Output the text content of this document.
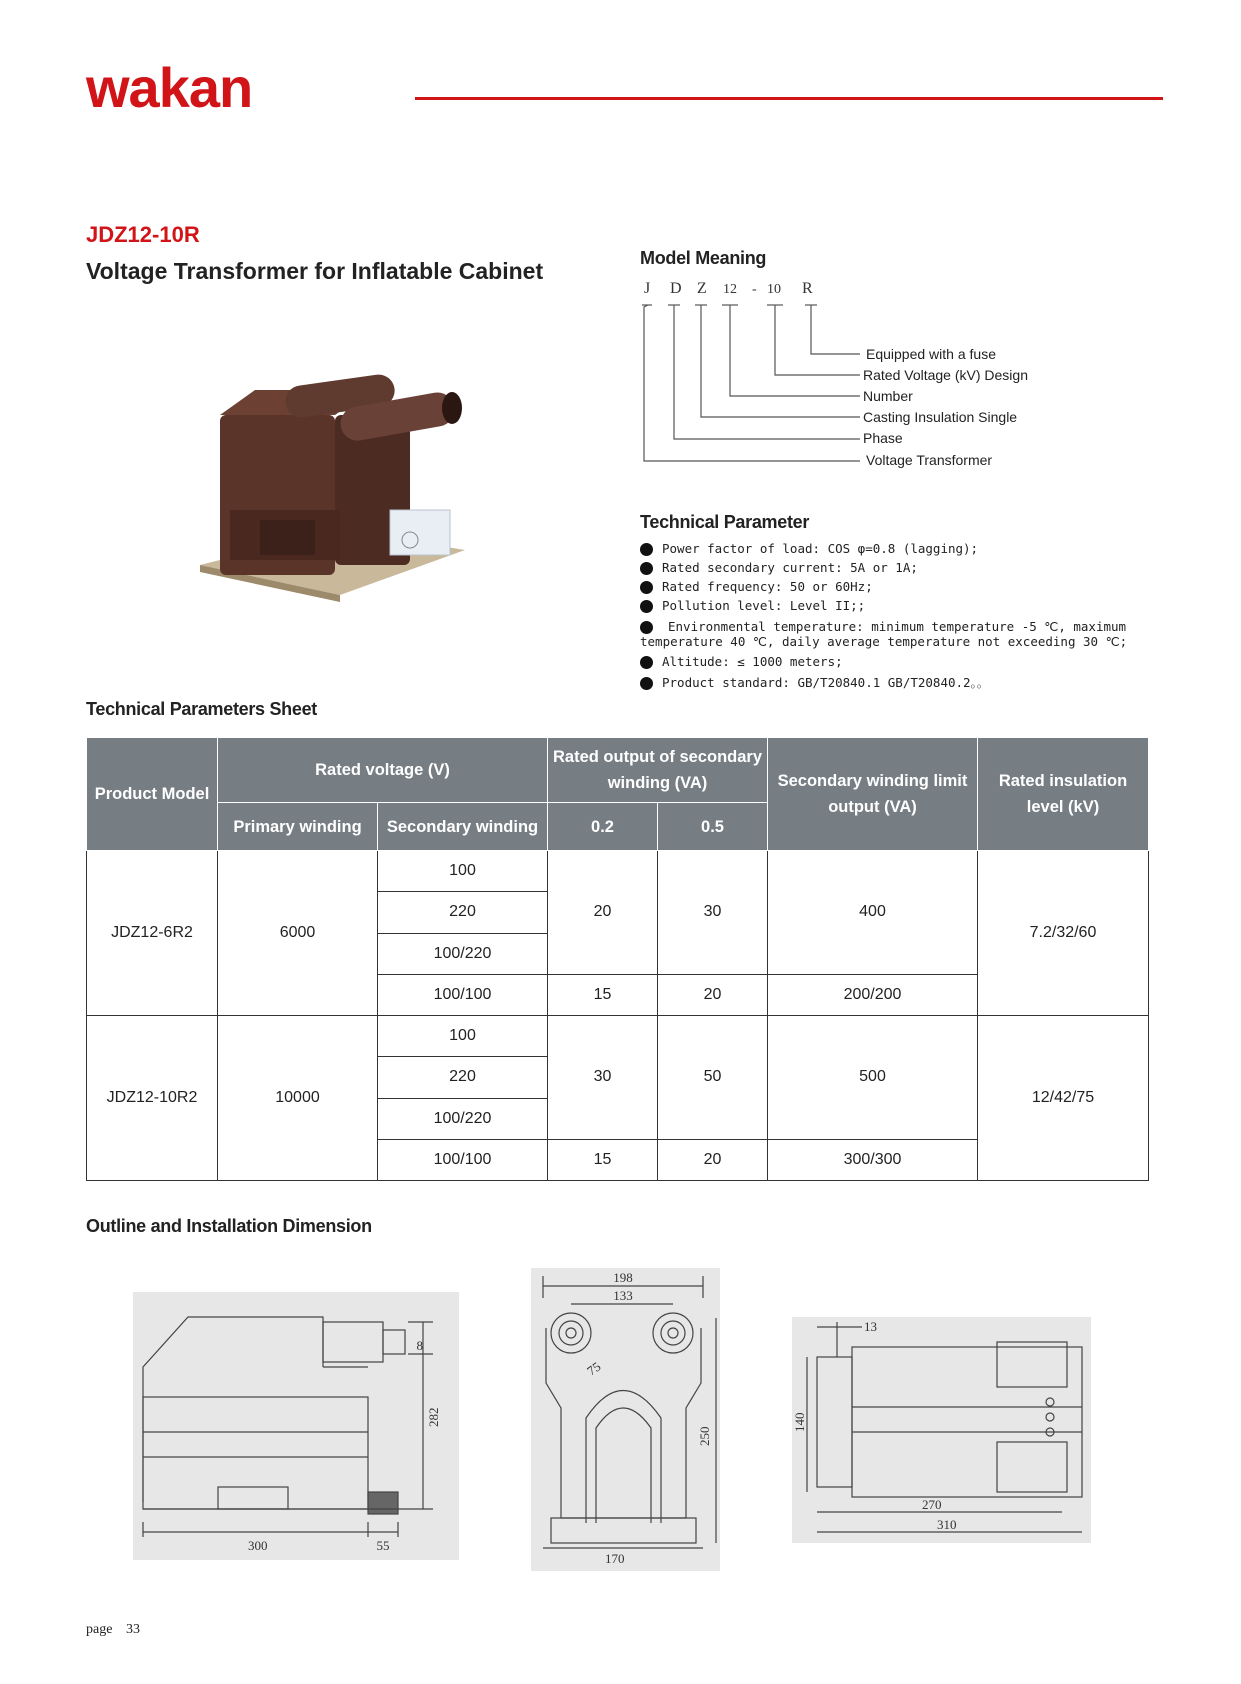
wakan
JDZ12-10R
Voltage Transformer for Inflatable Cabinet	Model Meaning
J D Z 12 - 10 R
Equipped with a fuse
Rated Voltage (kV) Design
Number
Casting Insulation Single
Phase
Voltage Transformer
Technical Parameter
Power factor of load: COS φ=0.8 (lagging);
Rated secondary current: 5A or 1A;
Rated frequency: 50 or 60Hz;
Pollution level: Level II;;
Environmental temperature: minimum temperature -5 ℃, maximum temperature 40 ℃, daily average temperature not exceeding 30 ℃;
Altitude: ≤ 1000 meters;
Product standard: GB/T20840.1 GB/T20840.2。。
Technical Parameters Sheet
Product Model	Rated voltage (V)		Rated output of secondary winding (VA)		Secondary winding limit output (VA)	Rated insulation level (kV)
	Primary winding	Secondary winding	0.2	0.5		
JDZ12-6R2	6000	100	20	30	400	7.2/32/60
		220				
		100/220				
		100/100	15	20	200/200	
JDZ12-10R2	10000	100	30	50	500	12/42/75
		220				
		100/220				
		100/100	15	20	300/300	
Outline and Installation Dimension
8
282
300	55
198
133
75
250
170
13
140
270
310
page 33
